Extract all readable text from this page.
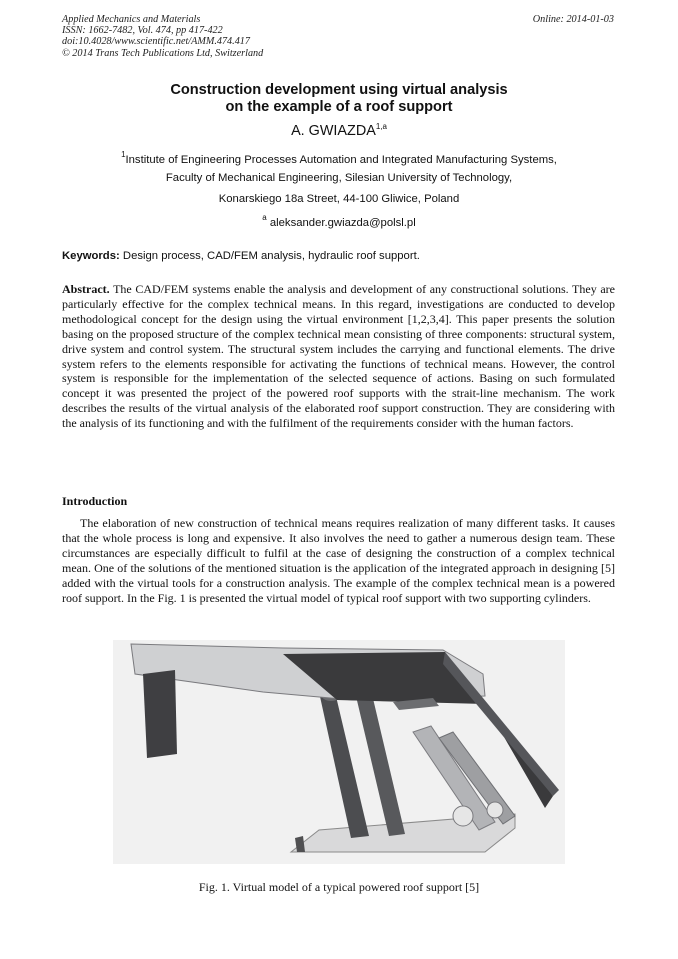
Applied Mechanics and Materials
ISSN: 1662-7482, Vol. 474, pp 417-422
doi:10.4028/www.scientific.net/AMM.474.417
© 2014 Trans Tech Publications Ltd, Switzerland
Online: 2014-01-03
Construction development using virtual analysis
on the example of a roof support
A. GWIAZDA$^{1,a}$
$^1$Institute of Engineering Processes Automation and Integrated Manufacturing Systems,
Faculty of Mechanical Engineering, Silesian University of Technology,
Konarskiego 18a Street, 44-100 Gliwice, Poland
$^a$ aleksander.gwiazda@polsl.pl
Keywords: Design process, CAD/FEM analysis, hydraulic roof support.
Abstract. The CAD/FEM systems enable the analysis and development of any constructional solutions. They are particularly effective for the complex technical means. In this regard, investigations are conducted to develop methodological concept for the design using the virtual environment [1,2,3,4]. This paper presents the solution basing on the proposed structure of the complex technical mean consisting of three components: structural system, drive system and control system. The structural system includes the carrying and functional elements. The drive system refers to the elements responsible for activating the functions of technical means. However, the control system is responsible for the implementation of the selected sequence of actions. Basing on such formulated concept it was presented the project of the powered roof supports with the strait-line mechanism. The work describes the results of the virtual analysis of the elaborated roof support construction. They are considering with the analysis of its functioning and with the fulfilment of the requirements consider with the human factors.
Introduction
The elaboration of new construction of technical means requires realization of many different tasks. It causes that the whole process is long and expensive. It also involves the need to gather a numerous design team. These circumstances are especially difficult to fulfil at the case of designing the construction of a complex technical mean. One of the solutions of the mentioned situation is the application of the integrated approach in designing [5] added with the virtual tools for a construction analysis. The example of the complex technical mean is a powered roof support. In the Fig. 1 is presented the virtual model of typical roof support with two supporting cylinders.
Fig. 1. Virtual model of a typical powered roof support [5]
